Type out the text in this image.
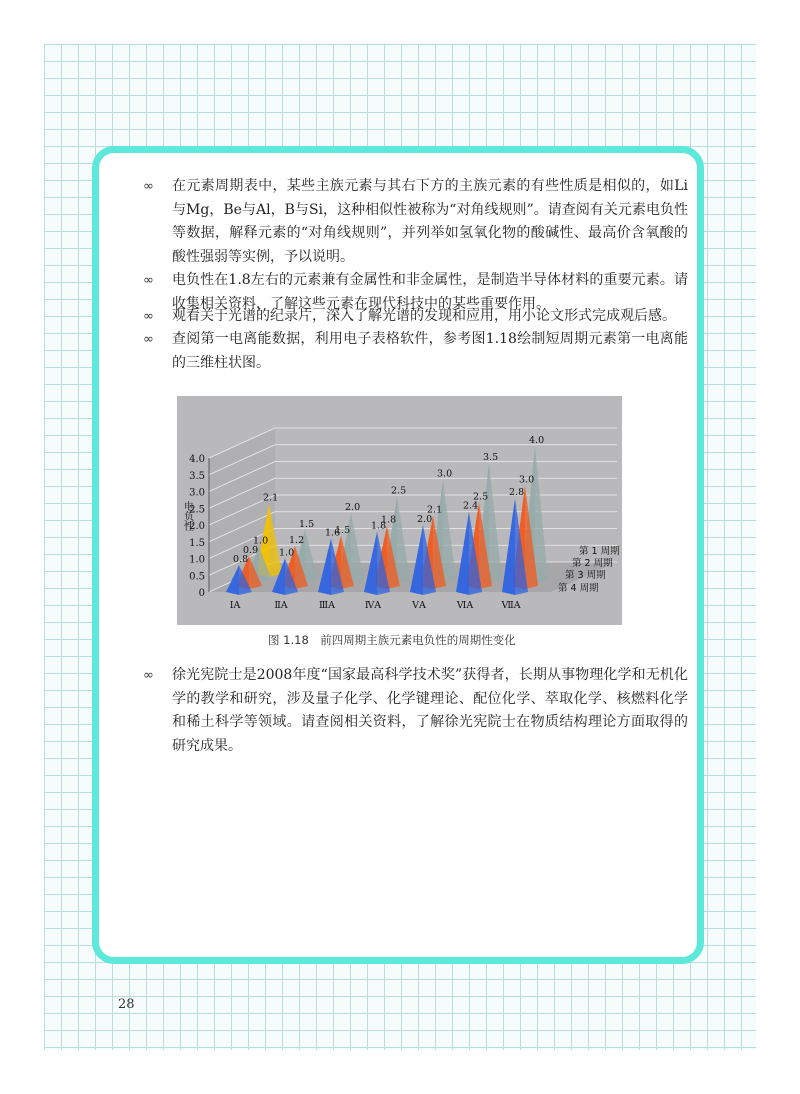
∞	在元素周期表中，某些主族元素与其右下方的主族元素的有些性质是相似的，如Li与Mg，Be与Al，B与Si，这种相似性被称为“对角线规则”。请查阅有关元素电负性等数据，解释元素的“对角线规则”，并列举如氢氧化物的酸碱性、最高价含氧酸的酸性强弱等实例，予以说明。
∞	电负性在1.8左右的元素兼有金属性和非金属性，是制造半导体材料的重要元素。请收集相关资料，了解这些元素在现代科技中的某些重要作用。
∞	观看关于光谱的纪录片，深入了解光谱的发现和应用，用小论文形式完成观后感。
∞	查阅第一电离能数据，利用电子表格软件，参考图1.18绘制短周期元素第一电离能的三维柱状图。
0
0.5
1.0
1.5
2.0
2.5
3.0
3.5
4.0
电负性
2.1
1.0
1.5
2.0
2.5
3.0
3.5
4.0
0.9
1.2
1.5
1.8
2.1
2.5
3.0
0.8
1.0
1.6
1.8
2.0
2.4
2.8
ⅠA	ⅡA	ⅢA	ⅣA	ⅤA	ⅥA	ⅦA
第 1 周期
第 2 周期
第 3 周期
第 4 周期
图 1.18　前四周期主族元素电负性的周期性变化
∞	徐光宪院士是2008年度“国家最高科学技术奖”获得者，长期从事物理化学和无机化学的教学和研究，涉及量子化学、化学键理论、配位化学、萃取化学、核燃料化学和稀土科学等领域。请查阅相关资料，了解徐光宪院士在物质结构理论方面取得的研究成果。
28
